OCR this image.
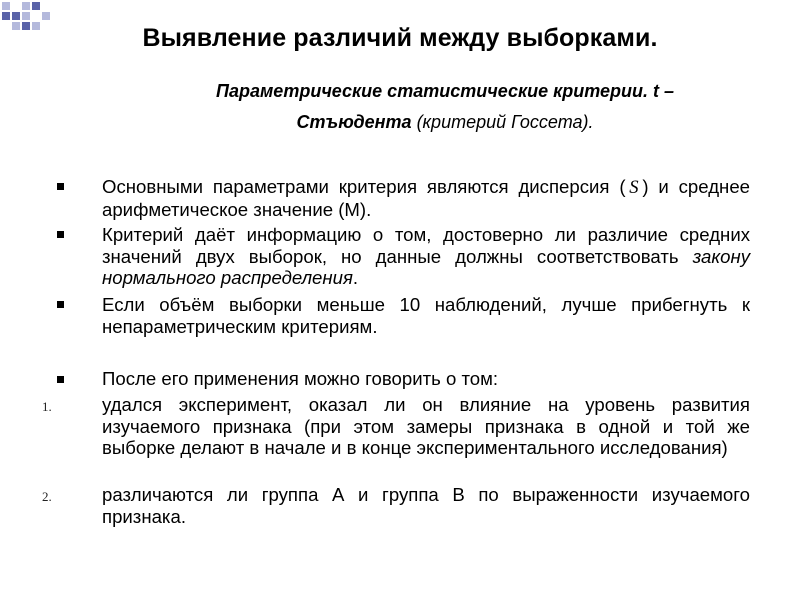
Выявление различий между выборками.
Параметрические статистические критерии. t –
Стъюдента (критерий Госсета).
Основными параметрами критерия являются дисперсия (  S  ) и среднее арифметическое значение (М).
Критерий даёт информацию о том, достоверно ли различие средних значений двух выборок, но данные должны соответствовать закону нормального распределения.
Если объём выборки меньше 10 наблюдений, лучше прибегнуть к непараметрическим критериям.
После его применения можно говорить о том:
1.	удался эксперимент, оказал ли он влияние на уровень развития изучаемого признака (при этом замеры признака в одной и той же выборке делают в начале и в конце экспериментального исследования)
2.	различаются ли группа А и группа В по выраженности изучаемого признака.
